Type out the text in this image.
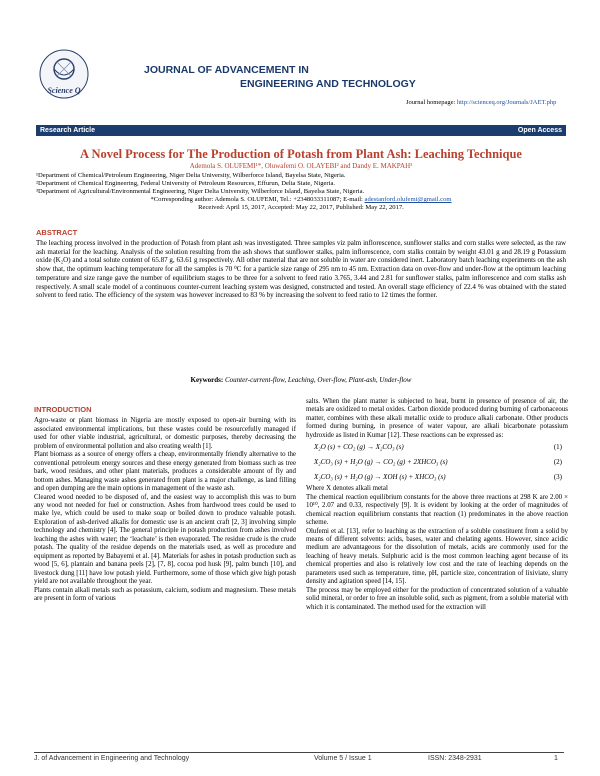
Science Q
JOURNAL OF ADVANCEMENT IN
ENGINEERING AND TECHNOLOGY
Journal homepage: http://scienceq.org/Journals/JAET.php
Research Article	Open Access
A Novel Process for The Production of Potash from Plant Ash: Leaching Technique
Ademola S. OLUFEMI¹*, Oluwafemi O. OLAYEBI² and Dandy E. MAKPAH³
¹Department of Chemical/Petroleum Engineering, Niger Delta University, Wilberforce Island, Bayelsa State, Nigeria.
²Department of Chemical Engineering, Federal University of Petroleum Resources, Effurun, Delta State, Nigeria.
³Department of Agricultural/Environmental Engineering, Niger Delta University, Wilberforce Island, Bayelsa State, Nigeria.
*Corresponding author: Ademola S. OLUFEMI, Tel.: +2348033311087; E-mail: adestanford.olufemi@gmail.com
Received: April 15, 2017, Accepted: May 22, 2017, Published: May 22, 2017.
ABSTRACT
The leaching process involved in the production of Potash from plant ash was investigated. Three samples viz palm inflorescence, sunflower stalks and corn stalks were selected, as the raw ash material for the leaching. Analysis of the solution resulting from the ash shows that sunflower stalks, palm inflorescence, corn stalks contain by weight 43.01 g and 28.19 g Potassium oxide (K₂O) and a total solute content of 65.87 g, 63.61 g respectively. All other material that are not soluble in water are considered inert. Laboratory batch leaching experiments on the ash show that, the optimum leaching temperature for all the samples is 70 ⁰C for a particle size range of 295 nm to 45 nm. Extraction data on over-flow and under-flow at the optimum leaching temperature and size range gave the number of equilibrium stages to be three for a solvent to feed ratio 3.765, 3.44 and 2.81 for sunflower stalks, palm inflorescence and corn stalks ash respectively. A small scale model of a continuous counter-current leaching system was designed, constructed and tested. An overall stage efficiency of 22.4 % was obtained with the stated solvent to feed ratio. The efficiency of the system was however increased to 83 % by increasing the solvent to feed ratio to 12 times the former.
Keywords: Counter-current-flow, Leaching, Over-flow, Plant-ash, Under-flow
INTRODUCTION

Agro-waste or plant biomass in Nigeria are mostly exposed to open-air burning with its associated environmental implications, but these wastes could be resourcefully managed if used for other viable industrial, agricultural, or domestic purposes, thereby decreasing the problem of environmental pollution and also creating wealth [1].

Plant biomass as a source of energy offers a cheap, environmentally friendly alternative to the conventional petroleum energy sources and these energy generated from biomass such as tree bark, wood residues, and other plant materials, produces a considerable amount of fly and bottom ashes. Managing waste ashes generated from plant is a major challenge, as land filling and open dumping are the main options in management of the waste ash.

Cleared wood needed to be disposed of, and the easiest way to accomplish this was to burn any wood not needed for fuel or construction. Ashes from hardwood trees could be used to make lye, which could be used to make soap or boiled down to produce valuable potash. Exploration of ash-derived alkalis for domestic use is an ancient craft [2, 3] involving simple technology and chemistry [4]. The general principle in potash production from ashes involved leaching the ashes with water; the ‘leachate’ is then evaporated. The residue crude is the crude potash. The quality of the residue depends on the materials used, as well as procedure and equipment as reported by Babayemi et al. [4]. Materials for ashes in potash production such as wood [5, 6], plantain and banana peels [2], [7, 8], cocoa pod husk [9], palm bunch [10], and livestock dung [11] have low potash yield. Furthermore, some of those which give high potash yield are not available throughout the year.

Plants contain alkali metals such as potassium, calcium, sodium and magnesium. These metals are present in form of various

salts. When the plant matter is subjected to heat, burnt in presence of presence of air, the metals are oxidized to metal oxides. Carbon dioxide produced during burning of carbonaceous matter, combines with these alkali metallic oxide to produce alkali carbonate. Other products formed during burning, in presence of water vapour, are alkali bicarbonate potassium hydroxide as listed in Kumar [12]. These reactions can be expressed as:

X₂O (s) + CO₂ (g) → X₂CO₃ (s)	(1)
X₂CO₃ (s) + H₂O (g) → CO₂ (g) + 2XHCO₃ (s)	(2)
X₂CO₃ (s) + H₂O (g) → XOH (s) + XHCO₃ (s)	(3)

Where X denotes alkali metal

The chemical reaction equilibrium constants for the above three reactions at 298 K are 2.00 × 10¹⁰, 2.07 and 0.33, respectively [9]. It is evident by looking at the order of magnitudes of chemical reaction equilibrium constants that reaction (1) predominates in the above reaction scheme.

Olufemi et al. [13], refer to leaching as the extraction of a soluble constituent from a solid by means of different solvents: acids, bases, water and chelating agents. However, since acidic medium are advantageous for the dissolution of metals, acids are commonly used for the leaching of heavy metals. Sulphuric acid is the most common leaching agent because of its chemical properties and also is relatively low cost and the rate of leaching depends on the parameters used such as temperature, time, pH, particle size, concentration of lixiviate, slurry density and agitation speed [14, 15].

The process may be employed either for the production of concentrated solution of a valuable solid mineral, or order to free an insoluble solid, such as pigment, from a soluble material with which it is contaminated. The method used for the extraction will

J. of Advancement in Engineering and Technology	Volume 5 / Issue 1	ISSN: 2348-2931	1
